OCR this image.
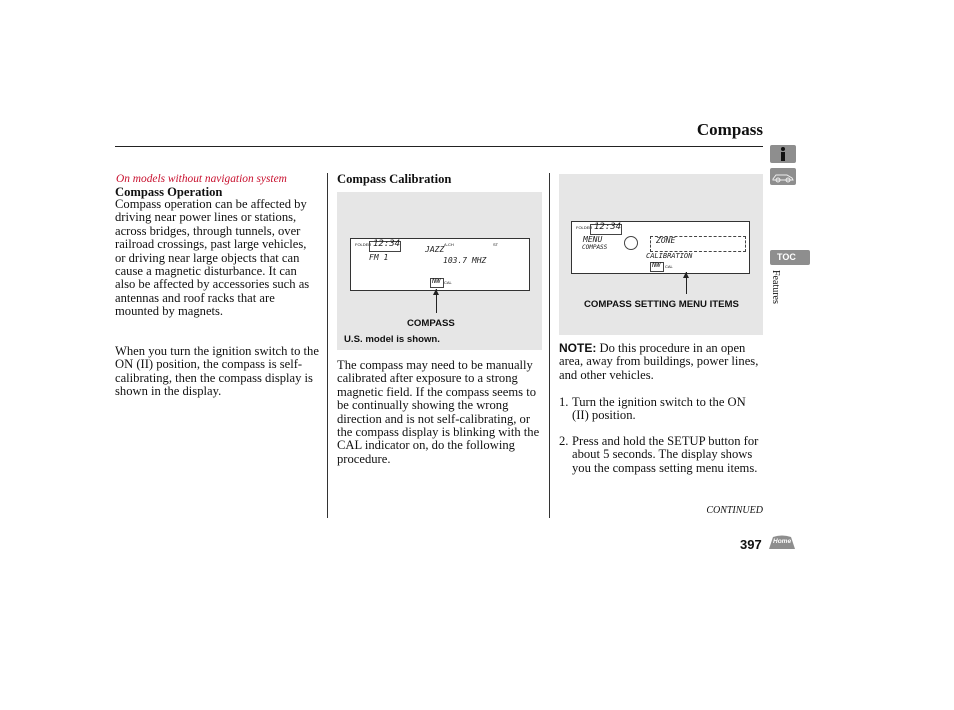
Compass
On models without navigation system
Compass Operation
Compass operation can be affected by driving near power lines or stations, across bridges, through tunnels, over railroad crossings, past large vehicles, or driving near large objects that can cause a magnetic disturbance. It can also be affected by accessories such as antennas and roof racks that are mounted by magnets.
When you turn the ignition switch to the ON (II) position, the compass is self-calibrating, then the compass display is shown in the display.
Compass Calibration
FOLDER 12:34
JAZZ
A-CH	ST
FM 1	103.7 MHZ
NW CAL
COMPASS
U.S. model is shown.
The compass may need to be manually calibrated after exposure to a strong magnetic field. If the compass seems to be continually showing the wrong direction and is not self-calibrating, or the compass display is blinking with the CAL indicator on, do the following procedure.
FOLDER 12:34
MENU
COMPASS
ZONE
CALIBRATION
NW CAL
COMPASS SETTING MENU ITEMS
NOTE: Do this procedure in an open area, away from buildings, power lines, and other vehicles.
1. Turn the ignition switch to the ON (II) position.
2. Press and hold the SETUP button for about 5 seconds. The display shows you the compass setting menu items.
CONTINUED
TOC
Features
397 Home
